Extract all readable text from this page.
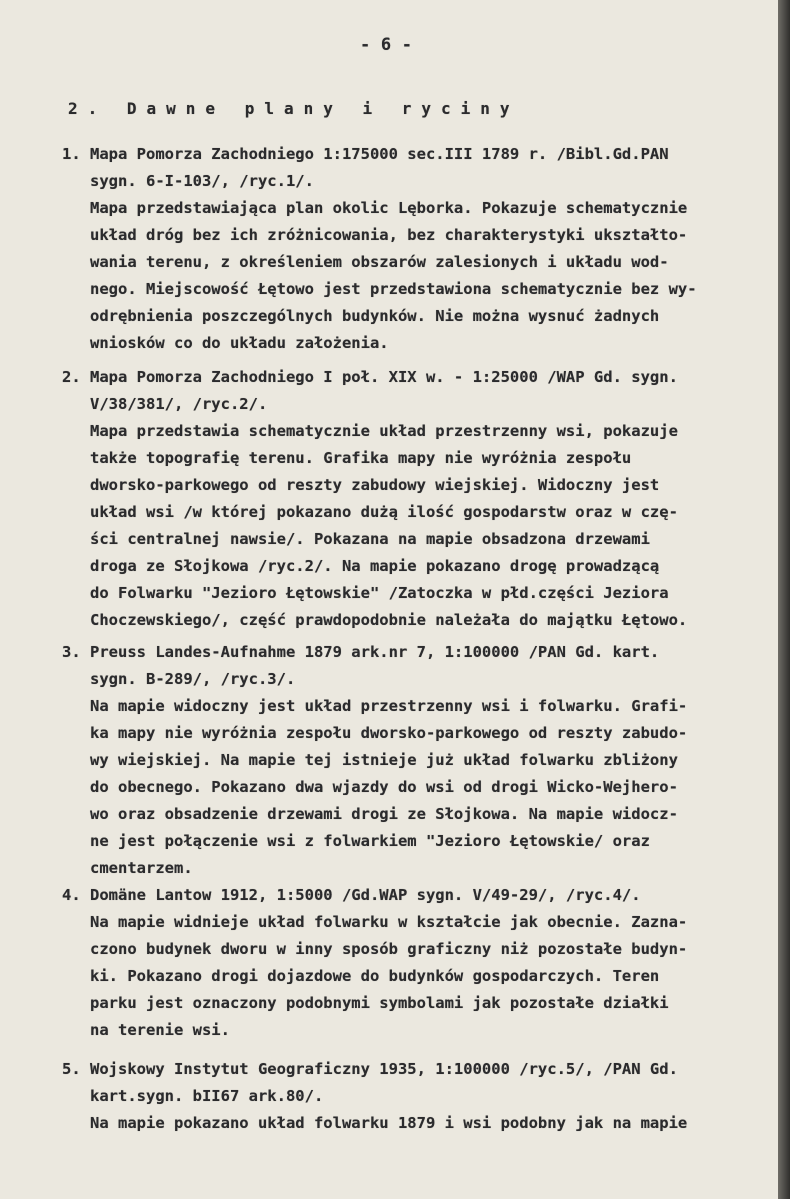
- 6 -
2. Dawne plany i ryciny
1. Mapa Pomorza Zachodniego 1:175000 sec.III 1789 r. /Bibl.Gd.PAN
sygn. 6-I-103/, /ryc.1/.
Mapa przedstawiająca plan okolic Lęborka. Pokazuje schematycznie
układ dróg bez ich zróżnicowania, bez charakterystyki ukształto-
wania terenu, z określeniem obszarów zalesionych i układu wod-
nego. Miejscowość Łętowo jest przedstawiona schematycznie bez wy-
odrębnienia poszczególnych budynków. Nie można wysnuć żadnych
wniosków co do układu założenia.
2. Mapa Pomorza Zachodniego I poł. XIX w. - 1:25000 /WAP Gd. sygn.
V/38/381/, /ryc.2/.
Mapa przedstawia schematycznie układ przestrzenny wsi, pokazuje
także topografię terenu. Grafika mapy nie wyróżnia zespołu
dworsko-parkowego od reszty zabudowy wiejskiej. Widoczny jest
układ wsi /w której pokazano dużą ilość gospodarstw oraz w czę-
ści centralnej nawsie/. Pokazana na mapie obsadzona drzewami
droga ze Słojkowa /ryc.2/. Na mapie pokazano drogę prowadzącą
do Folwarku "Jezioro Łętowskie" /Zatoczka w płd.części Jeziora
Choczewskiego/, część prawdopodobnie należała do majątku Łętowo.
3. Preuss Landes-Aufnahme 1879 ark.nr 7, 1:100000 /PAN Gd. kart.
sygn. B-289/, /ryc.3/.
Na mapie widoczny jest układ przestrzenny wsi i folwarku. Grafi-
ka mapy nie wyróżnia zespołu dworsko-parkowego od reszty zabudo-
wy wiejskiej. Na mapie tej istnieje już układ folwarku zbliżony
do obecnego. Pokazano dwa wjazdy do wsi od drogi Wicko-Wejhero-
wo oraz obsadzenie drzewami drogi ze Słojkowa. Na mapie widocz-
ne jest połączenie wsi z folwarkiem "Jezioro Łętowskie/ oraz
cmentarzem.
4. Domäne Lantow 1912, 1:5000 /Gd.WAP sygn. V/49-29/, /ryc.4/.
Na mapie widnieje układ folwarku w kształcie jak obecnie. Zazna-
czono budynek dworu w inny sposób graficzny niż pozostałe budyn-
ki. Pokazano drogi dojazdowe do budynków gospodarczych. Teren
parku jest oznaczony podobnymi symbolami jak pozostałe działki
na terenie wsi.
5. Wojskowy Instytut Geograficzny 1935, 1:100000 /ryc.5/, /PAN Gd.
kart.sygn. bII67 ark.80/.
Na mapie pokazano układ folwarku 1879 i wsi podobny jak na mapie
